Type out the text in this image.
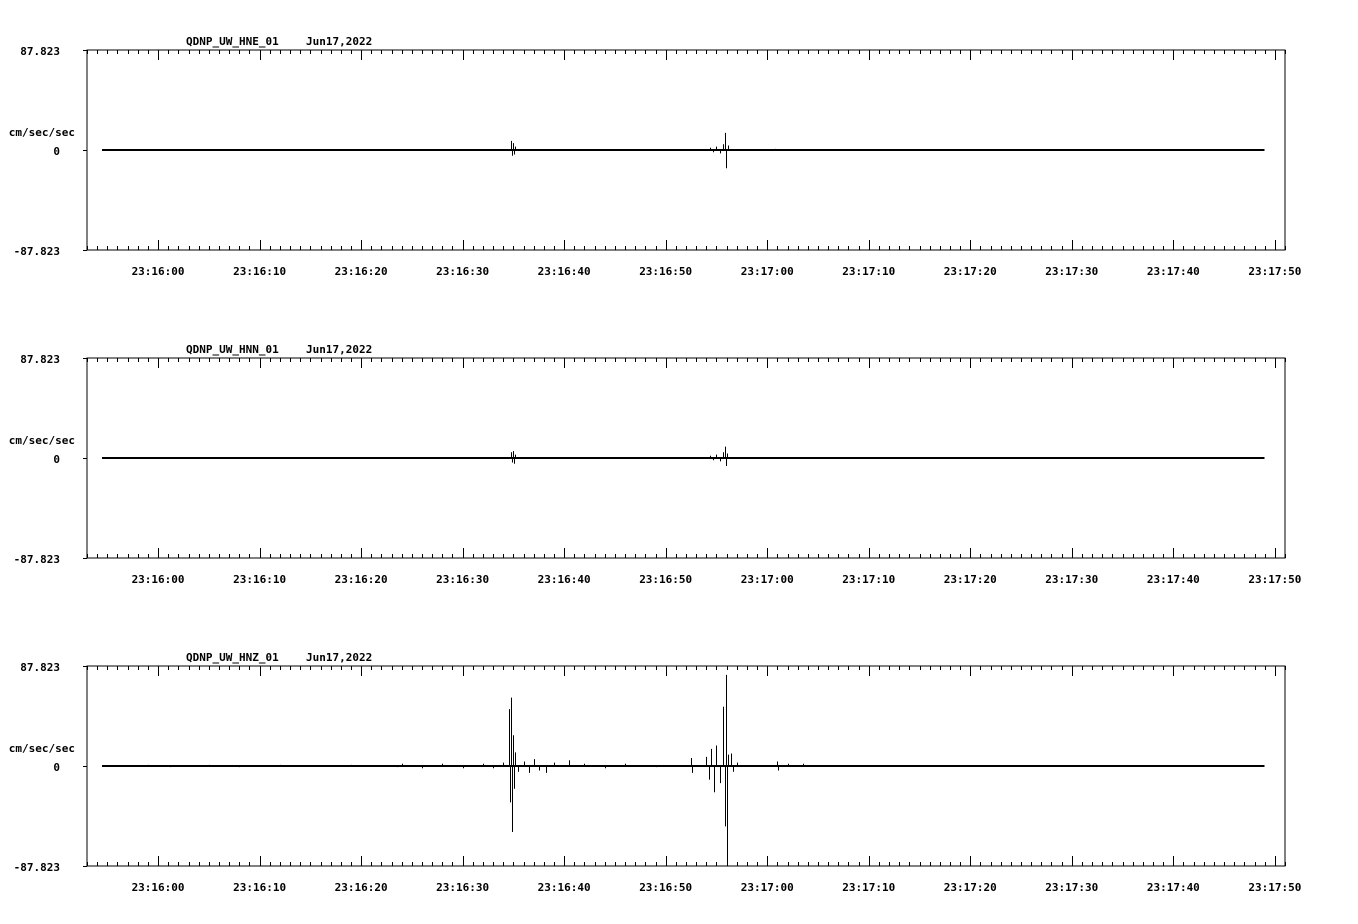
QDNP_UW_HNE_01 Jun17,2022
87.823
cm/sec/sec
0
-87.823
23:16:00	23:16:10	23:16:20	23:16:30	23:16:40	23:16:50	23:17:00	23:17:10	23:17:20	23:17:30	23:17:40	23:17:50
QDNP_UW_HNN_01 Jun17,2022
87.823
cm/sec/sec
0
-87.823
23:16:00	23:16:10	23:16:20	23:16:30	23:16:40	23:16:50	23:17:00	23:17:10	23:17:20	23:17:30	23:17:40	23:17:50
QDNP_UW_HNZ_01 Jun17,2022
87.823
cm/sec/sec
0
-87.823
23:16:00	23:16:10	23:16:20	23:16:30	23:16:40	23:16:50	23:17:00	23:17:10	23:17:20	23:17:30	23:17:40	23:17:50
